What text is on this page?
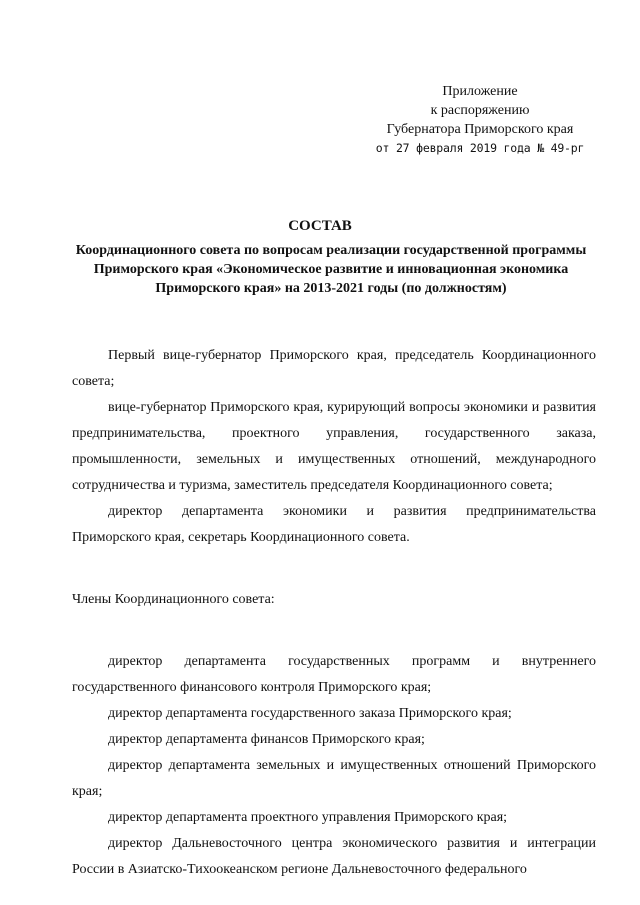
Приложение
к распоряжению
Губернатора Приморского края
от 27 февраля 2019 года № 49-рг
СОСТАВ
Координационного совета по вопросам реализации государственной программы Приморского края «Экономическое развитие и инновационная экономика Приморского края» на 2013-2021 годы (по должностям)

Первый вице-губернатор Приморского края, председатель Координационного совета;

вице-губернатор Приморского края, курирующий вопросы экономики и развития предпринимательства, проектного управления, государственного заказа, промышленности, земельных и имущественных отношений, международного сотрудничества и туризма, заместитель председателя Координационного совета;

директор департамента экономики и развития предпринимательства Приморского края, секретарь Координационного совета.

Члены Координационного совета:

директор департамента государственных программ и внутреннего государственного финансового контроля Приморского края;

директор департамента государственного заказа Приморского края;

директор департамента финансов Приморского края;

директор департамента земельных и имущественных отношений Приморского края;

директор департамента проектного управления Приморского края;

директор Дальневосточного центра экономического развития и интеграции России в Азиатско-Тихоокеанском регионе Дальневосточного федерального
